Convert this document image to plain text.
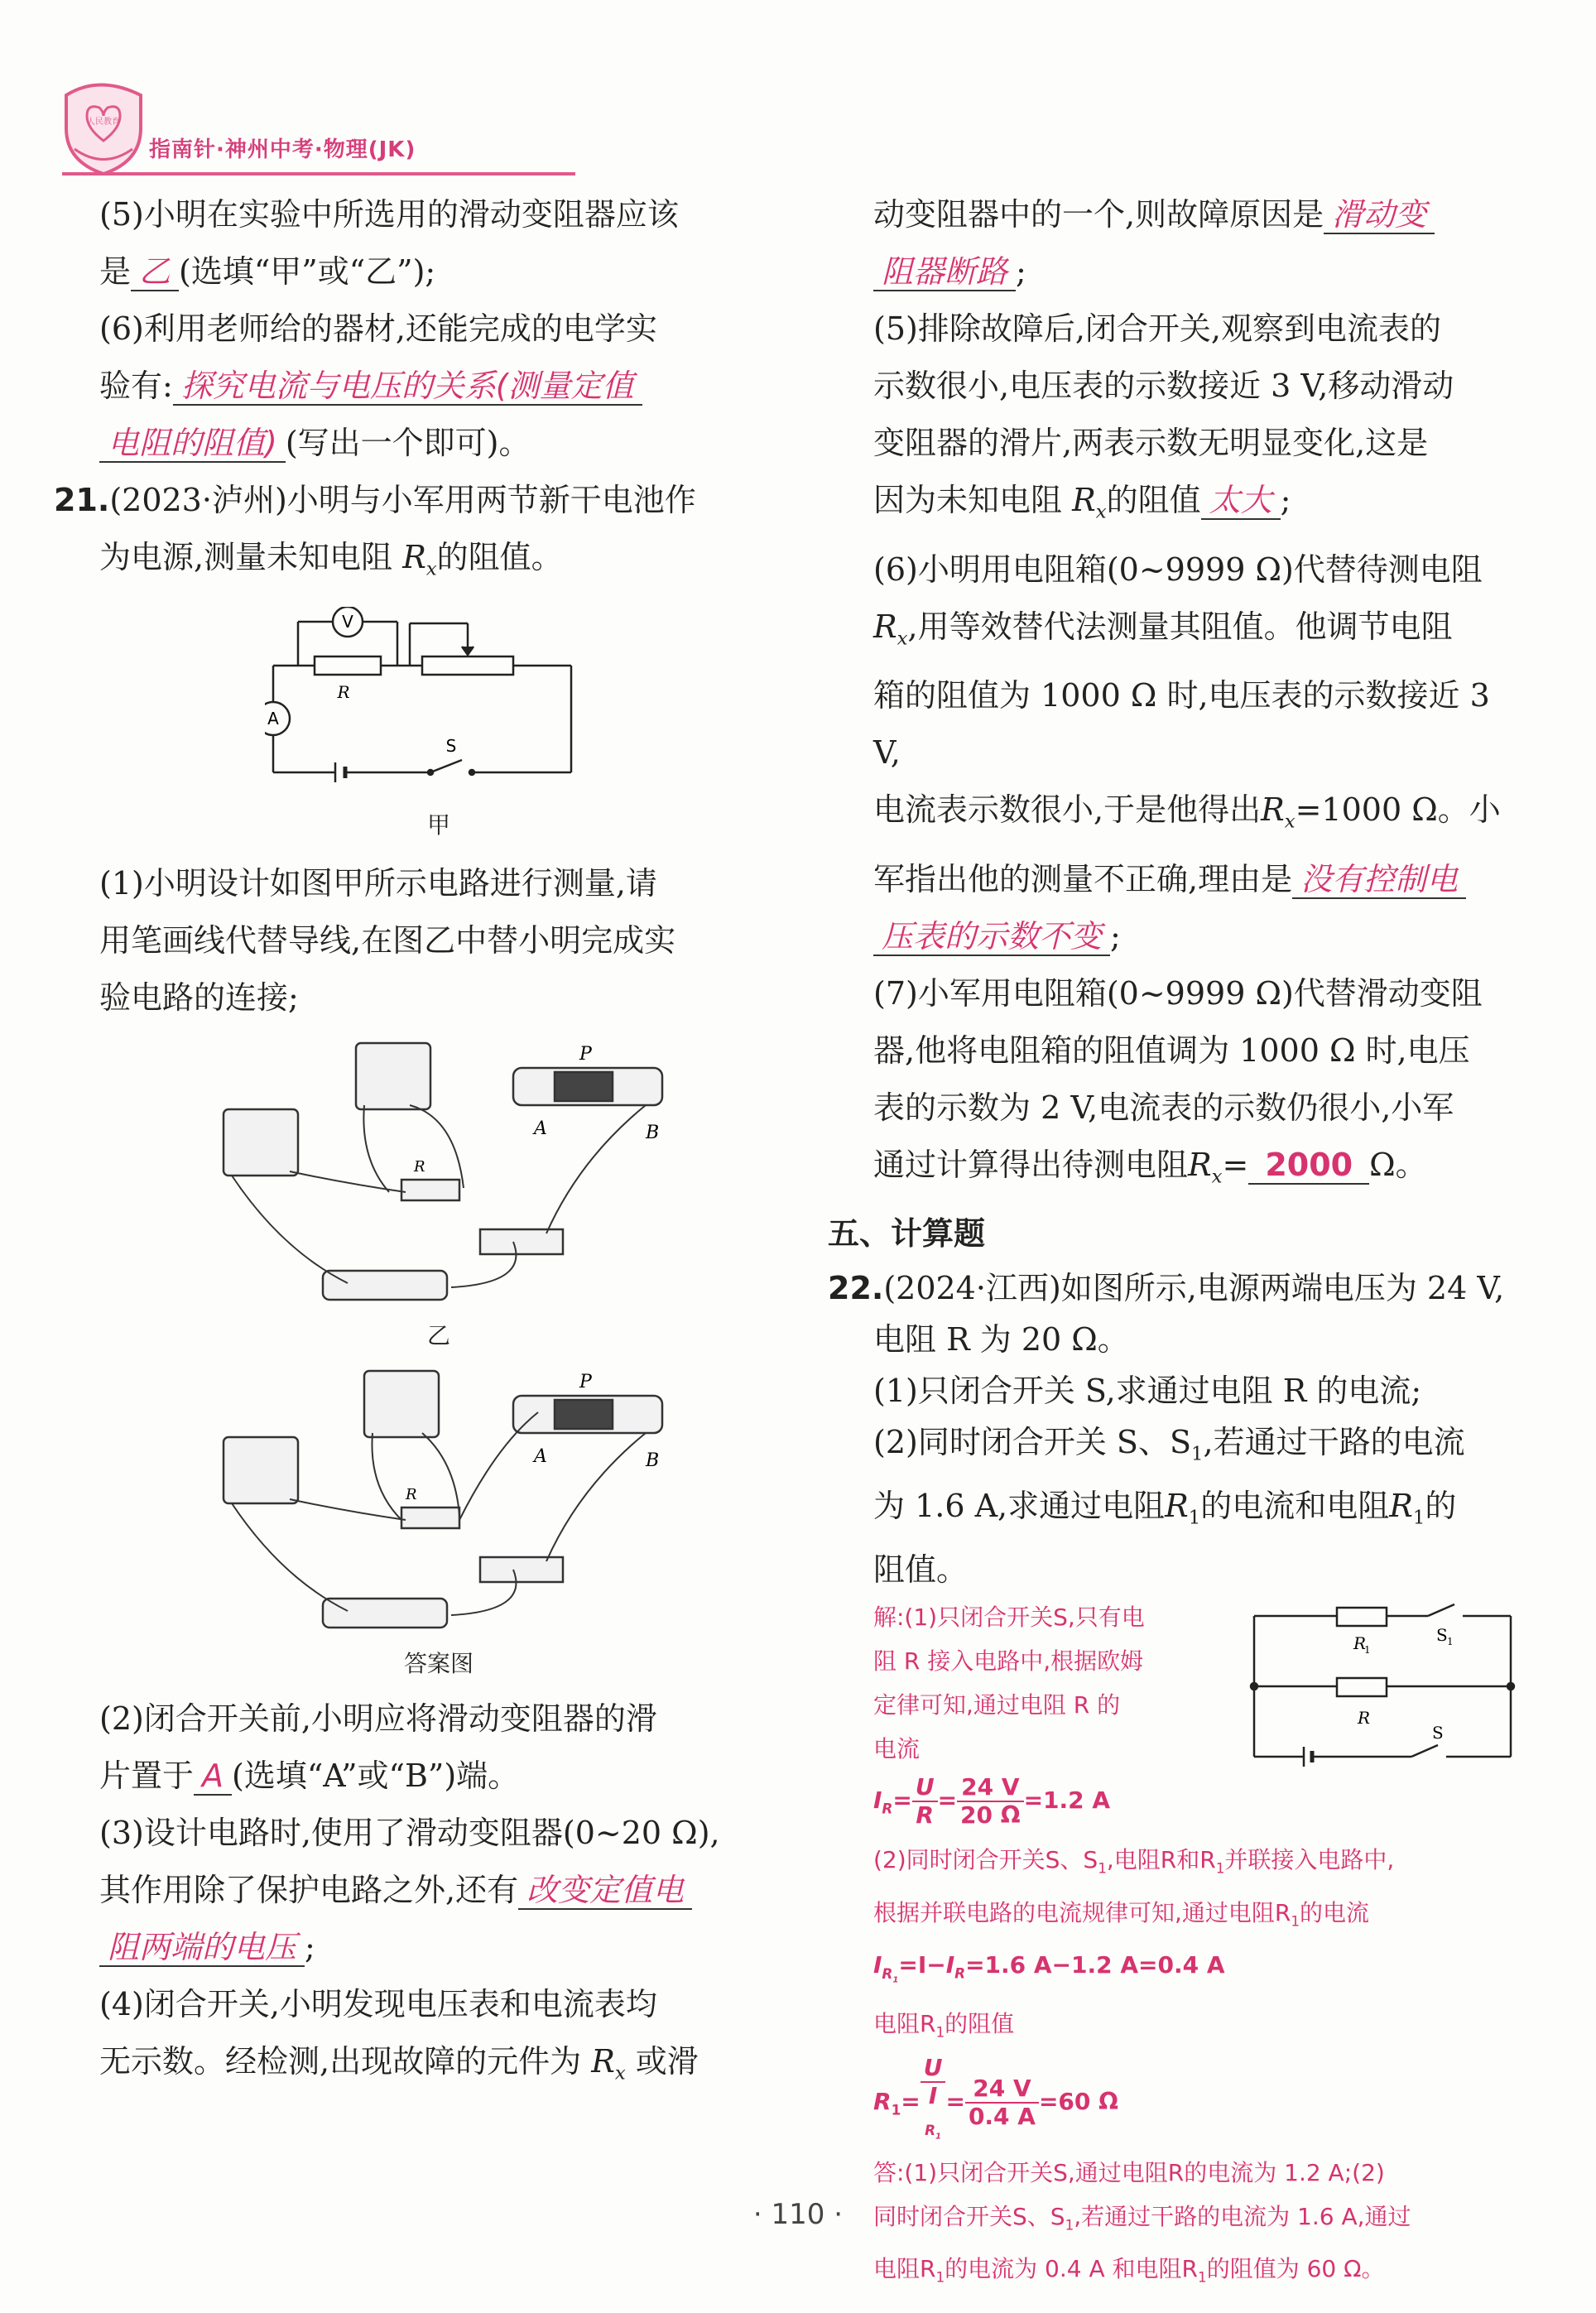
人民教育
指南针·神州中考·物理(JK)

(5)小明在实验中所选用的滑动变阻器应该

是 乙 (选填“甲”或“乙”);

(6)利用老师给的器材,还能完成的电学实

验有: 探究电流与电压的关系(测量定值

电阻的阻值) (写出一个即可)。

21.(2023·泸州)小明与小军用两节新干电池作

为电源,测量未知电阻 $R_x$的阻值。

V
A
R
S
甲

(1)小明设计如图甲所示电路进行测量,请

用笔画线代替导线,在图乙中替小明完成实

验电路的连接;

P
A	B
R
乙
P
A	B
R
答案图

(2)闭合开关前,小明应将滑动变阻器的滑

片置于 A (选填“A”或“B”)端。

(3)设计电路时,使用了滑动变阻器(0~20 Ω),

其作用除了保护电路之外,还有 改变定值电

阻两端的电压 ;

(4)闭合开关,小明发现电压表和电流表均

无示数。经检测,出现故障的元件为 $R_x$ 或滑

动变阻器中的一个,则故障原因是 滑动变

阻器断路 ;

(5)排除故障后,闭合开关,观察到电流表的

示数很小,电压表的示数接近 3 V,移动滑动

变阻器的滑片,两表示数无明显变化,这是

因为未知电阻 $R_x$的阻值 太大 ;

(6)小明用电阻箱(0~9999 Ω)代替待测电阻

$R_x$,用等效替代法测量其阻值。他调节电阻

箱的阻值为 1000 Ω 时,电压表的示数接近 3 V,

电流表示数很小,于是他得出$R_x=1000$ Ω。小

军指出他的测量不正确,理由是 没有控制电

压表的示数不变 ;

(7)小军用电阻箱(0~9999 Ω)代替滑动变阻

器,他将电阻箱的阻值调为 1000 Ω 时,电压

表的示数为 2 V,电流表的示数仍很小,小军

通过计算得出待测电阻$R_x= 2000$ Ω。

五、计算题

22.(2024·江西)如图所示,电源两端电压为 24 V,

电阻 R 为 20 Ω。

(1)只闭合开关 S,求通过电阻 R 的电流;

(2)同时闭合开关 S、$S_1$,若通过干路的电流

为 1.6 A,求通过电阻$R_1$的电流和电阻$R_1$的

阻值。

R
1
S 1
R
S

解:(1)只闭合开关S,只有电

阻 R 接入电路中,根据欧姆

定律可知,通过电阻 R 的

电流

$I_R= \frac{U}{R} = \frac{24 V}{20 \Omega} =1.2$ A

(2)同时闭合开关S、$S_1$,电阻R和$R_1$并联接入电路中,

根据并联电路的电流规律可知,通过电阻$R_1$的电流

$I_{R_1}=I-I_R=1.6$ A−1.2 A=0.4 A

电阻$R_1$的阻值

$R_1= U$
I
$_{R_1} = \frac{24 V}{0.4 A} =60$ Ω

答:(1)只闭合开关S,通过电阻R的电流为 1.2 A;(2)

同时闭合开关S、$S_1$,若通过干路的电流为 1.6 A,通过

电阻$R_1$的电流为 0.4 A 和电阻$R_1$的阻值为 60 Ω。

· 110 ·
